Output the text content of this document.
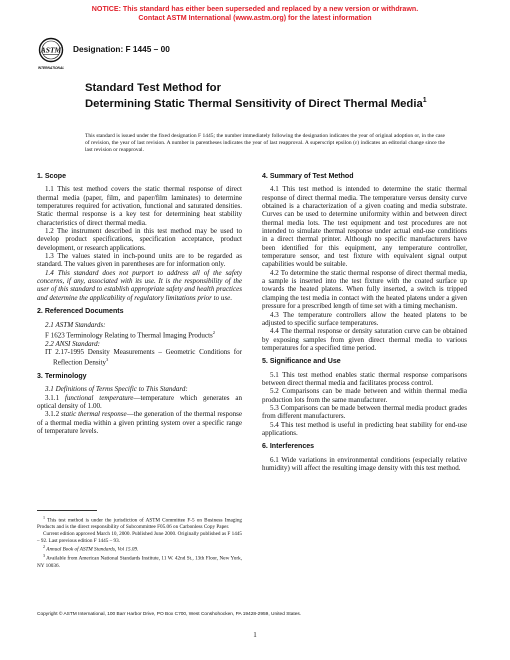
NOTICE: This standard has either been superseded and replaced by a new version or withdrawn.
Contact ASTM International (www.astm.org) for the latest information
ASTM
INTERNATIONAL
Designation: F 1445 – 00
Standard Test Method for
Determining Static Thermal Sensitivity of Direct Thermal Media$^1$
This standard is issued under the fixed designation F 1445; the number immediately following the designation indicates the year of original adoption or, in the case of revision, the year of last revision. A number in parentheses indicates the year of last reapproval. A superscript epsilon (ε) indicates an editorial change since the last revision or reapproval.
1. Scope

1.1 This test method covers the static thermal response of direct thermal media (paper, film, and paper/film laminates) to determine temperatures required for activation, functional and saturated densities. Static thermal response is a key test for determining heat stability characteristics of direct thermal media.

1.2 The instrument described in this test method may be used to develop product specifications, specification acceptance, product development, or research applications.

1.3 The values stated in inch-pound units are to be regarded as standard. The values given in parentheses are for information only.

1.4 This standard does not purport to address all of the safety concerns, if any, associated with its use. It is the responsibility of the user of this standard to establish appropriate safety and health practices and determine the applicability of regulatory limitations prior to use.

2. Referenced Documents

2.1 ASTM Standards:

F 1623 Terminology Relating to Thermal Imaging Products$^2$

2.2 ANSI Standard:

IT 2.17-1995 Density Measurements – Geometric Conditions for Reflection Density$^3$

3. Terminology

3.1 Definitions of Terms Specific to This Standard:

3.1.1 functional temperature—temperature which generates an optical density of 1.00.

3.1.2 static thermal response—the generation of the thermal response of a thermal media within a given printing system over a specific range of temperature levels.

4. Summary of Test Method

4.1 This test method is intended to determine the static thermal response of direct thermal media. The temperature versus density curve obtained is a characterization of a given coating and media substrate. Curves can be used to determine uniformity within and between direct thermal media lots. The test equipment and test procedures are not intended to simulate thermal response under actual end-use conditions in a direct thermal printer. Although no specific manufacturers have been identified for this equipment, any temperature controller, temperature sensor, and test fixture with equivalent signal output capabilities would be suitable.

4.2 To determine the static thermal response of direct thermal media, a sample is inserted into the test fixture with the coated surface up towards the heated platens. When fully inserted, a switch is tripped clamping the test media in contact with the heated platens under a given pressure for a prescribed length of time set with a timing mechanism.

4.3 The temperature controllers allow the heated platens to be adjusted to specific surface temperatures.

4.4 The thermal response or density saturation curve can be obtained by exposing samples from given direct thermal media to various temperatures for a specified time period.

5. Significance and Use

5.1 This test method enables static thermal response comparisons between direct thermal media and facilitates process control.

5.2 Comparisons can be made between and within thermal media production lots from the same manufacturer.

5.3 Comparisons can be made between thermal media product grades from different manufacturers.

5.4 This test method is useful in predicting heat stability for end-use applications.

6. Interferences

6.1 Wide variations in environmental conditions (especially relative humidity) will affect the resulting image density with this test method.

$^1$ This test method is under the jurisdiction of ASTM Committee F-5 on Business Imaging Products and is the direct responsibility of Subcommittee F05.06 on Carbonless Copy Paper.

Current edition approved March 10, 2000. Published June 2000. Originally published as F 1445 – 92. Last previous edition F 1445 – 93.

$^2$ Annual Book of ASTM Standards, Vol 15.09.

$^3$ Available from American National Standards Institute, 11 W. 42nd St., 13th Floor, New York, NY 10036.

Copyright © ASTM International, 100 Barr Harbor Drive, PO Box C700, West Conshohocken, PA 19428-2959, United States.
1
